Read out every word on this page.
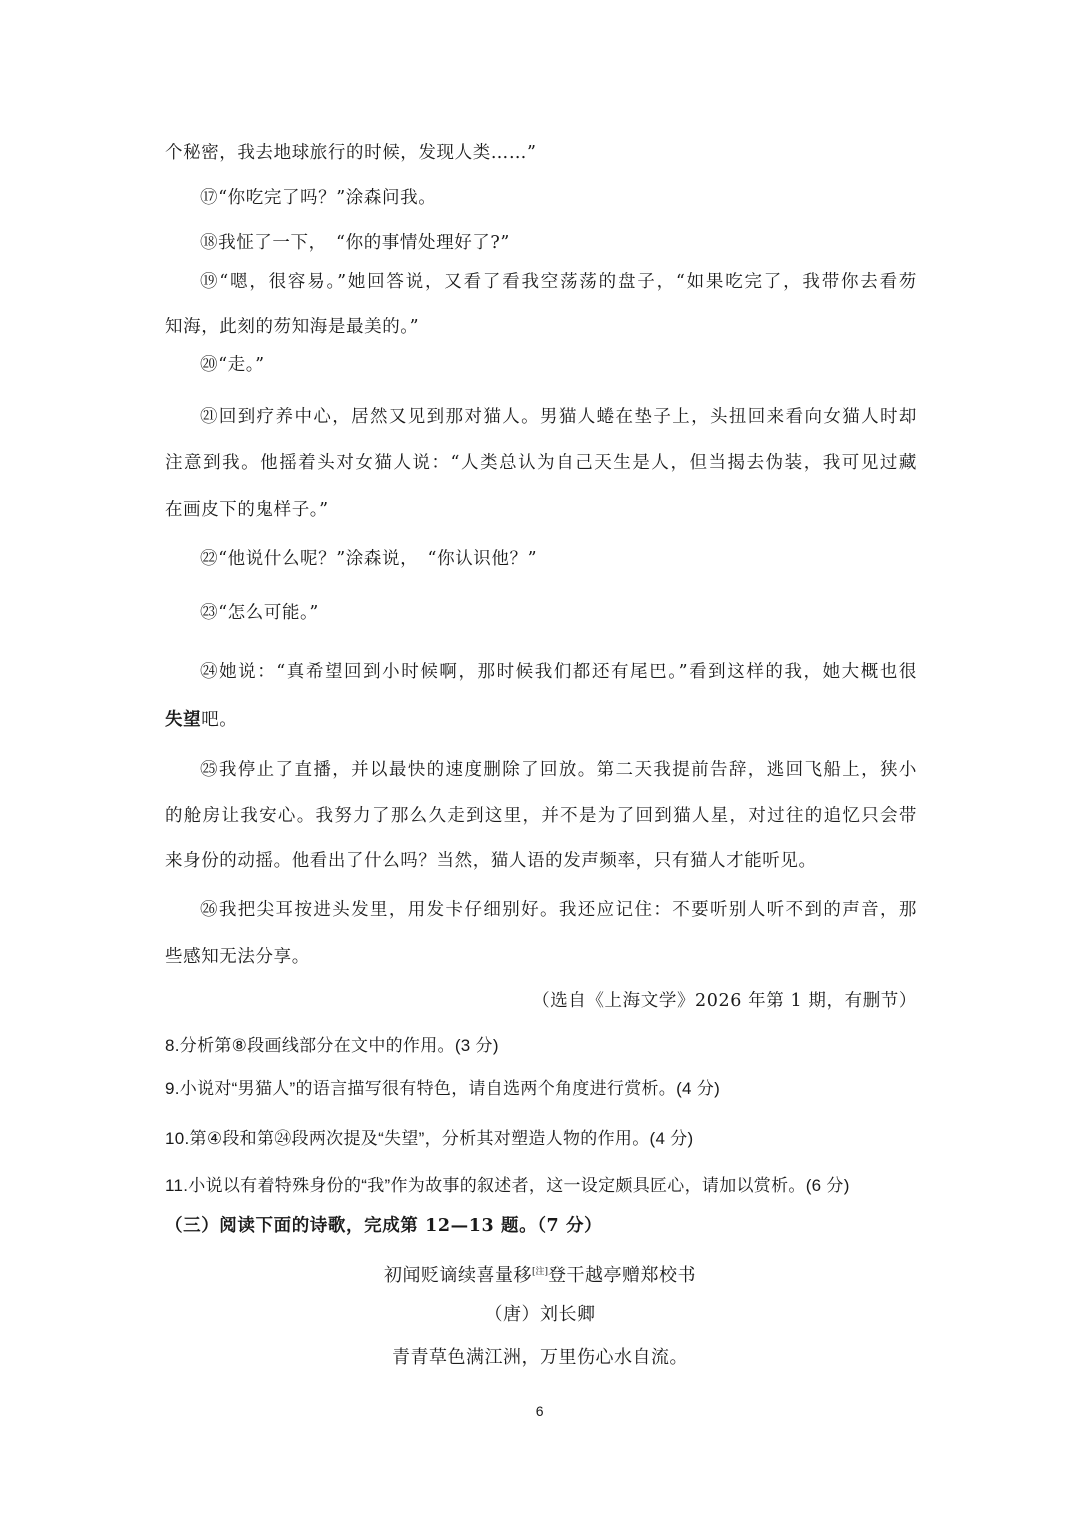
个秘密，我去地球旅行的时候，发现人类……”
⑰“你吃完了吗？”涂森问我。
⑱我怔了一下，　“你的事情处理好了?”
⑲“嗯，很容易。”她回答说，又看了看我空荡荡的盘子，“如果吃完了，我带你去看芴
知海，此刻的芴知海是最美的。”
⑳“走。”
㉑回到疗养中心，居然又见到那对猫人。男猫人蜷在垫子上，头扭回来看向女猫人时却
注意到我。他摇着头对女猫人说：“人类总认为自己天生是人，但当揭去伪装，我可见过藏
在画皮下的鬼样子。”
㉒“他说什么呢？”涂森说，　“你认识他？”
㉓“怎么可能。”
㉔她说：“真希望回到小时候啊，那时候我们都还有尾巴。”看到这样的我，她大概也很
失望吧。
㉕我停止了直播，并以最快的速度删除了回放。第二天我提前告辞，逃回飞船上，狭小
的舱房让我安心。我努力了那么久走到这里，并不是为了回到猫人星，对过往的追忆只会带
来身份的动摇。他看出了什么吗？当然，猫人语的发声频率，只有猫人才能听见。
㉖我把尖耳按进头发里，用发卡仔细别好。我还应记住：不要听别人听不到的声音，那
些感知无法分享。
（选自《上海文学》2026 年第 1 期，有删节）
8.分析第⑧段画线部分在文中的作用。(3 分)
9.小说对“男猫人”的语言描写很有特色，请自选两个角度进行赏析。(4 分)
10.第④段和第㉔段两次提及“失望”，分析其对塑造人物的作用。(4 分)
11.小说以有着特殊身份的“我”作为故事的叙述者，这一设定颇具匠心，请加以赏析。(6 分)
（三）阅读下面的诗歌，完成第 12—13 题。（7 分）
初闻贬谪续喜量移[注]登干越亭赠郑校书
（唐）刘长卿
青青草色满江洲，万里伤心水自流。
6
